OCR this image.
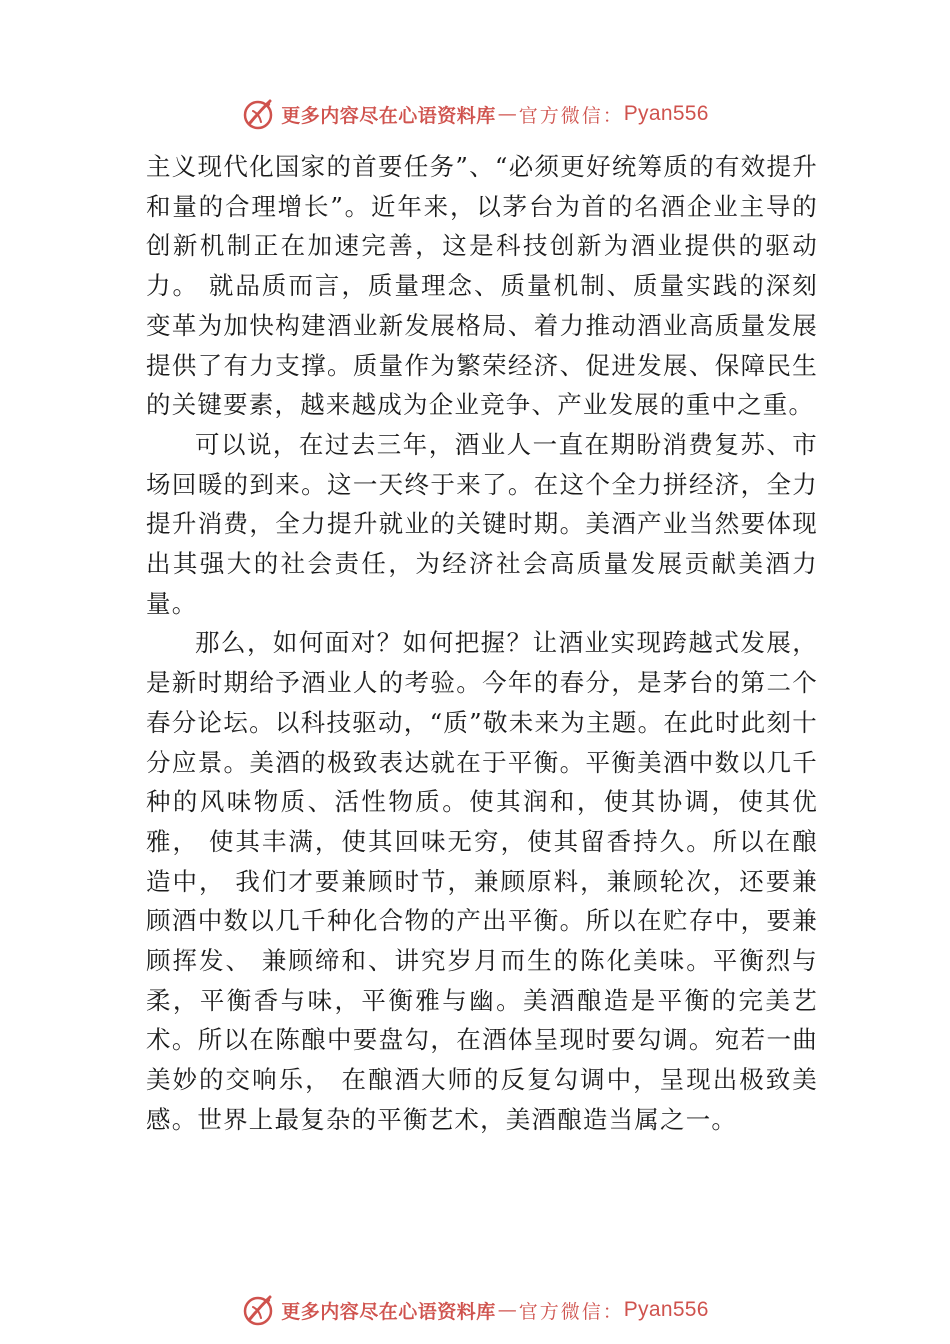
更多内容尽在心语资料库 — 官方微信： Pyan556

主义现代化国家的首要任务”、“必须更好统筹质的有效提升和量的合理增长”。近年来，以茅台为首的名酒企业主导的创新机制正在加速完善，这是科技创新为酒业提供的驱动力。 就品质而言，质量理念、质量机制、质量实践的深刻变革为加快构建酒业新发展格局、着力推动酒业高质量发展提供了有力支撑。质量作为繁荣经济、促进发展、保障民生的关键要素，越来越成为企业竞争、产业发展的重中之重。

可以说，在过去三年，酒业人一直在期盼消费复苏、市场回暖的到来。这一天终于来了。在这个全力拼经济，全力提升消费，全力提升就业的关键时期。美酒产业当然要体现出其强大的社会责任，为经济社会高质量发展贡献美酒力量。

那么，如何面对？如何把握？让酒业实现跨越式发展，是新时期给予酒业人的考验。今年的春分，是茅台的第二个春分论坛。以科技驱动，“质”敬未来为主题。在此时此刻十分应景。美酒的极致表达就在于平衡。平衡美酒中数以几千种的风味物质、活性物质。使其润和，使其协调，使其优雅， 使其丰满，使其回味无穷，使其留香持久。所以在酿造中， 我们才要兼顾时节，兼顾原料，兼顾轮次，还要兼顾酒中数以几千种化合物的产出平衡。所以在贮存中，要兼顾挥发、 兼顾缔和、讲究岁月而生的陈化美味。平衡烈与柔，平衡香与味，平衡雅与幽。美酒酿造是平衡的完美艺术。所以在陈酿中要盘勾，在酒体呈现时要勾调。宛若一曲美妙的交响乐， 在酿酒大师的反复勾调中，呈现出极致美感。世界上最复杂的平衡艺术，美酒酿造当属之一。

更多内容尽在心语资料库 — 官方微信： Pyan556
